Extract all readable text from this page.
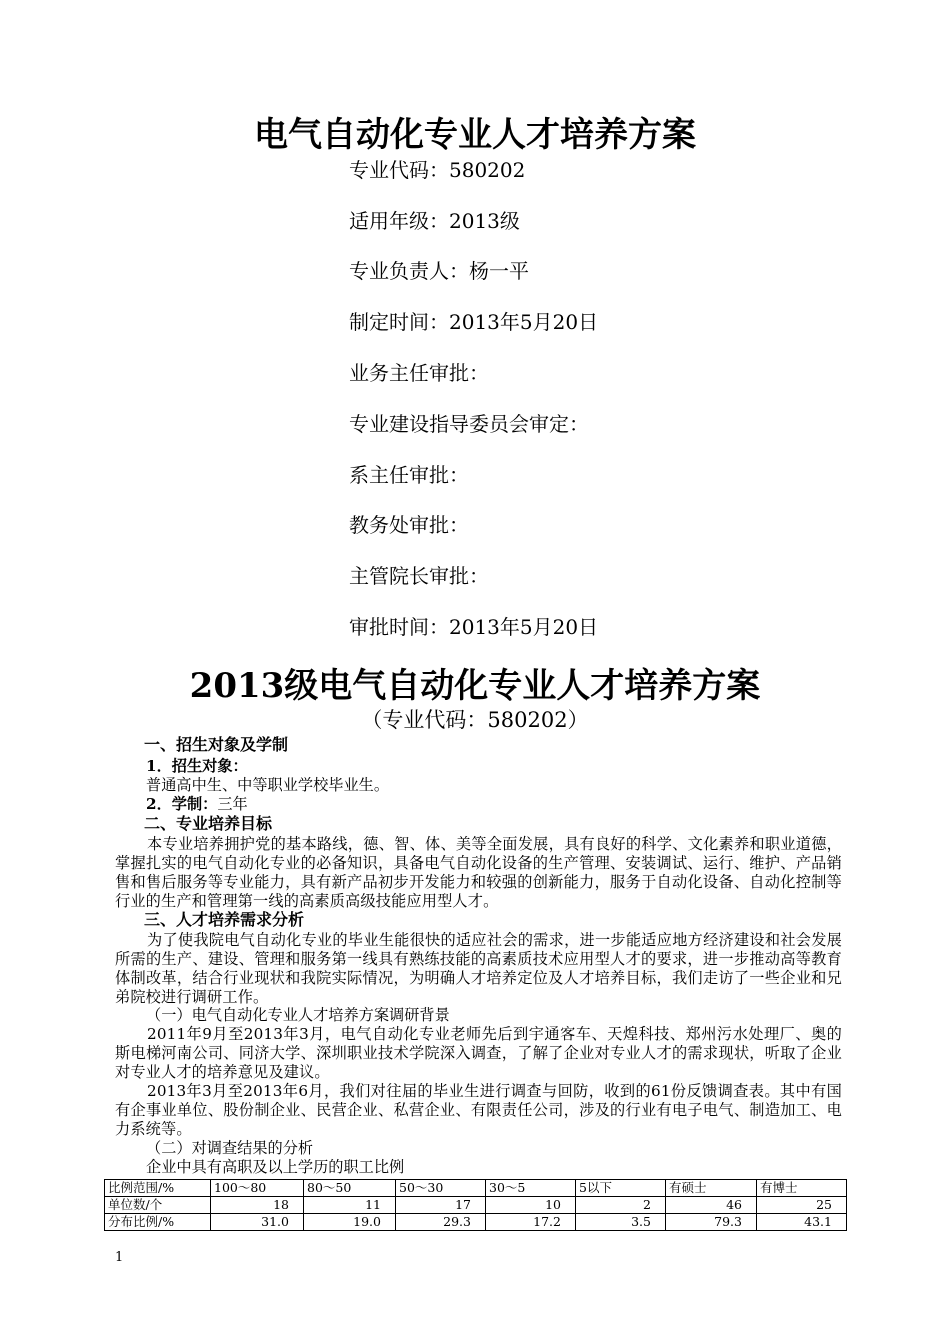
电气自动化专业人才培养方案
专业代码：580202
适用年级：2013级
专业负责人：杨一平
制定时间：2013年5月20日
业务主任审批：
专业建设指导委员会审定：
系主任审批：
教务处审批：
主管院长审批：
审批时间：2013年5月20日
2013级电气自动化专业人才培养方案
（专业代码：580202）
一、招生对象及学制
1．招生对象：
普通高中生、中等职业学校毕业生。
2．学制：三年
二、专业培养目标
本专业培养拥护党的基本路线，德、智、体、美等全面发展，具有良好的科学、文化素养和职业道德，掌握扎实的电气自动化专业的必备知识，具备电气自动化设备的生产管理、安装调试、运行、维护、产品销售和售后服务等专业能力，具有新产品初步开发能力和较强的创新能力，服务于自动化设备、自动化控制等行业的生产和管理第一线的高素质高级技能应用型人才。
三、人才培养需求分析
为了使我院电气自动化专业的毕业生能很快的适应社会的需求，进一步能适应地方经济建设和社会发展所需的生产、建设、管理和服务第一线具有熟练技能的高素质技术应用型人才的要求，进一步推动高等教育体制改革，结合行业现状和我院实际情况，为明确人才培养定位及人才培养目标，我们走访了一些企业和兄弟院校进行调研工作。
（一）电气自动化专业人才培养方案调研背景
2011年9月至2013年3月，电气自动化专业老师先后到宇通客车、天煌科技、郑州污水处理厂、奥的斯电梯河南公司、同济大学、深圳职业技术学院深入调查，了解了企业对专业人才的需求现状，听取了企业对专业人才的培养意见及建议。
2013年3月至2013年6月，我们对往届的毕业生进行调查与回防，收到的61份反馈调查表。其中有国有企事业单位、股份制企业、民营企业、私营企业、有限责任公司，涉及的行业有电子电气、制造加工、电力系统等。
（二）对调查结果的分析
企业中具有高职及以上学历的职工比例
比例范围/%	100～80	80～50	50～30	30～5	5以下	有硕士	有博士
单位数/个	18	11	17	10	2	46	25
分布比例/%	31.0	19.0	29.3	17.2	3.5	79.3	43.1
1
